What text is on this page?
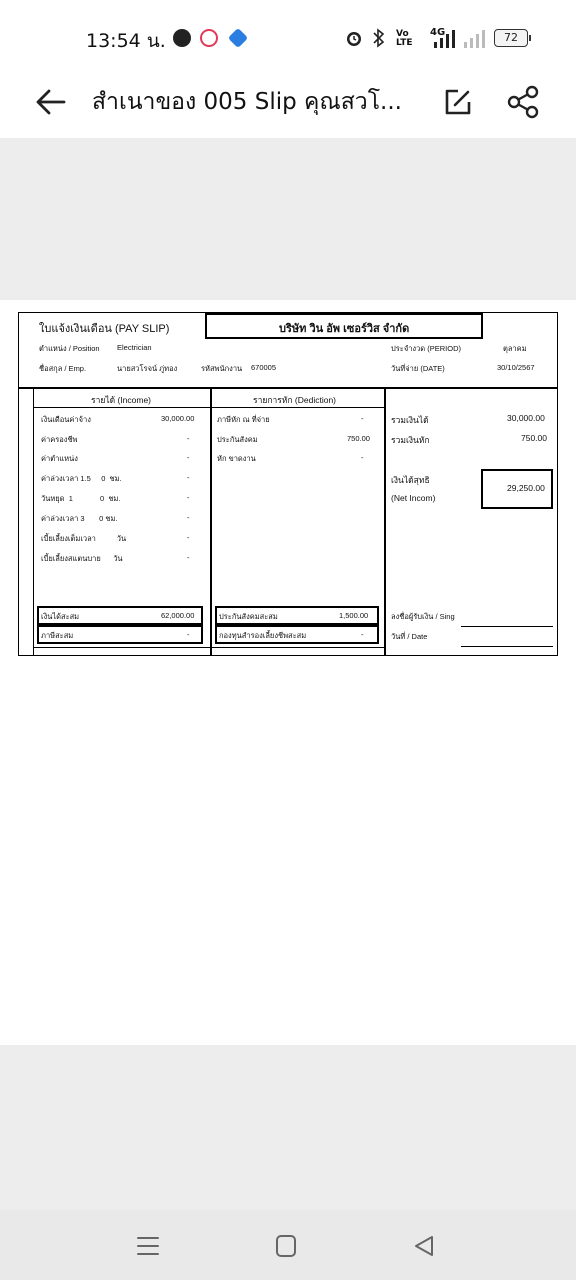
13:54 น.	Vo LTE
4G	72
สำเนาของ 005 Slip คุณสวโ...
ใบแจ้งเงินเดือน (PAY SLIP)	บริษัท วิน อัพ เซอร์วิส จำกัด
ตำแหน่ง / Position Electrician	ประจำงวด (PERIOD)	ตุลาคม
ชื่อสกุล / Emp.	นายสวโรจน์ ภู่ทอง	รหัสพนักงาน 670005	วันที่จ่าย (DATE)	30/10/2567
รายได้ (Income)	รายการหัก (Dediction)
เงินเดือนค่าจ้าง	30,000.00
ค่าครองชีพ	-
ค่าตำแหน่ง	-
ค่าล่วงเวลา 1.5     0  ชม.	-
วันหยุด  1             0  ชม.	-
ค่าล่วงเวลา 3       0 ชม.	-
เบี้ยเลี้ยงเต็มเวลา          วัน	-
เบี้ยเลี้ยงสแตนบาย      วัน	-
ภาษีหัก ณ ที่จ่าย	-
ประกันสังคม	750.00
หัก ขาดงาน	-
เงินได้สะสม	62,000.00
ภาษีสะสม	-
ประกันสังคมสะสม	1,500.00
กองทุนสำรองเลี้ยงชีพสะสม	-
รวมเงินได้	30,000.00
รวมเงินหัก	750.00
เงินได้สุทธิ
(Net Incom)
29,250.00
ลงชื่อผู้รับเงิน / Sing
วันที่ / Date
